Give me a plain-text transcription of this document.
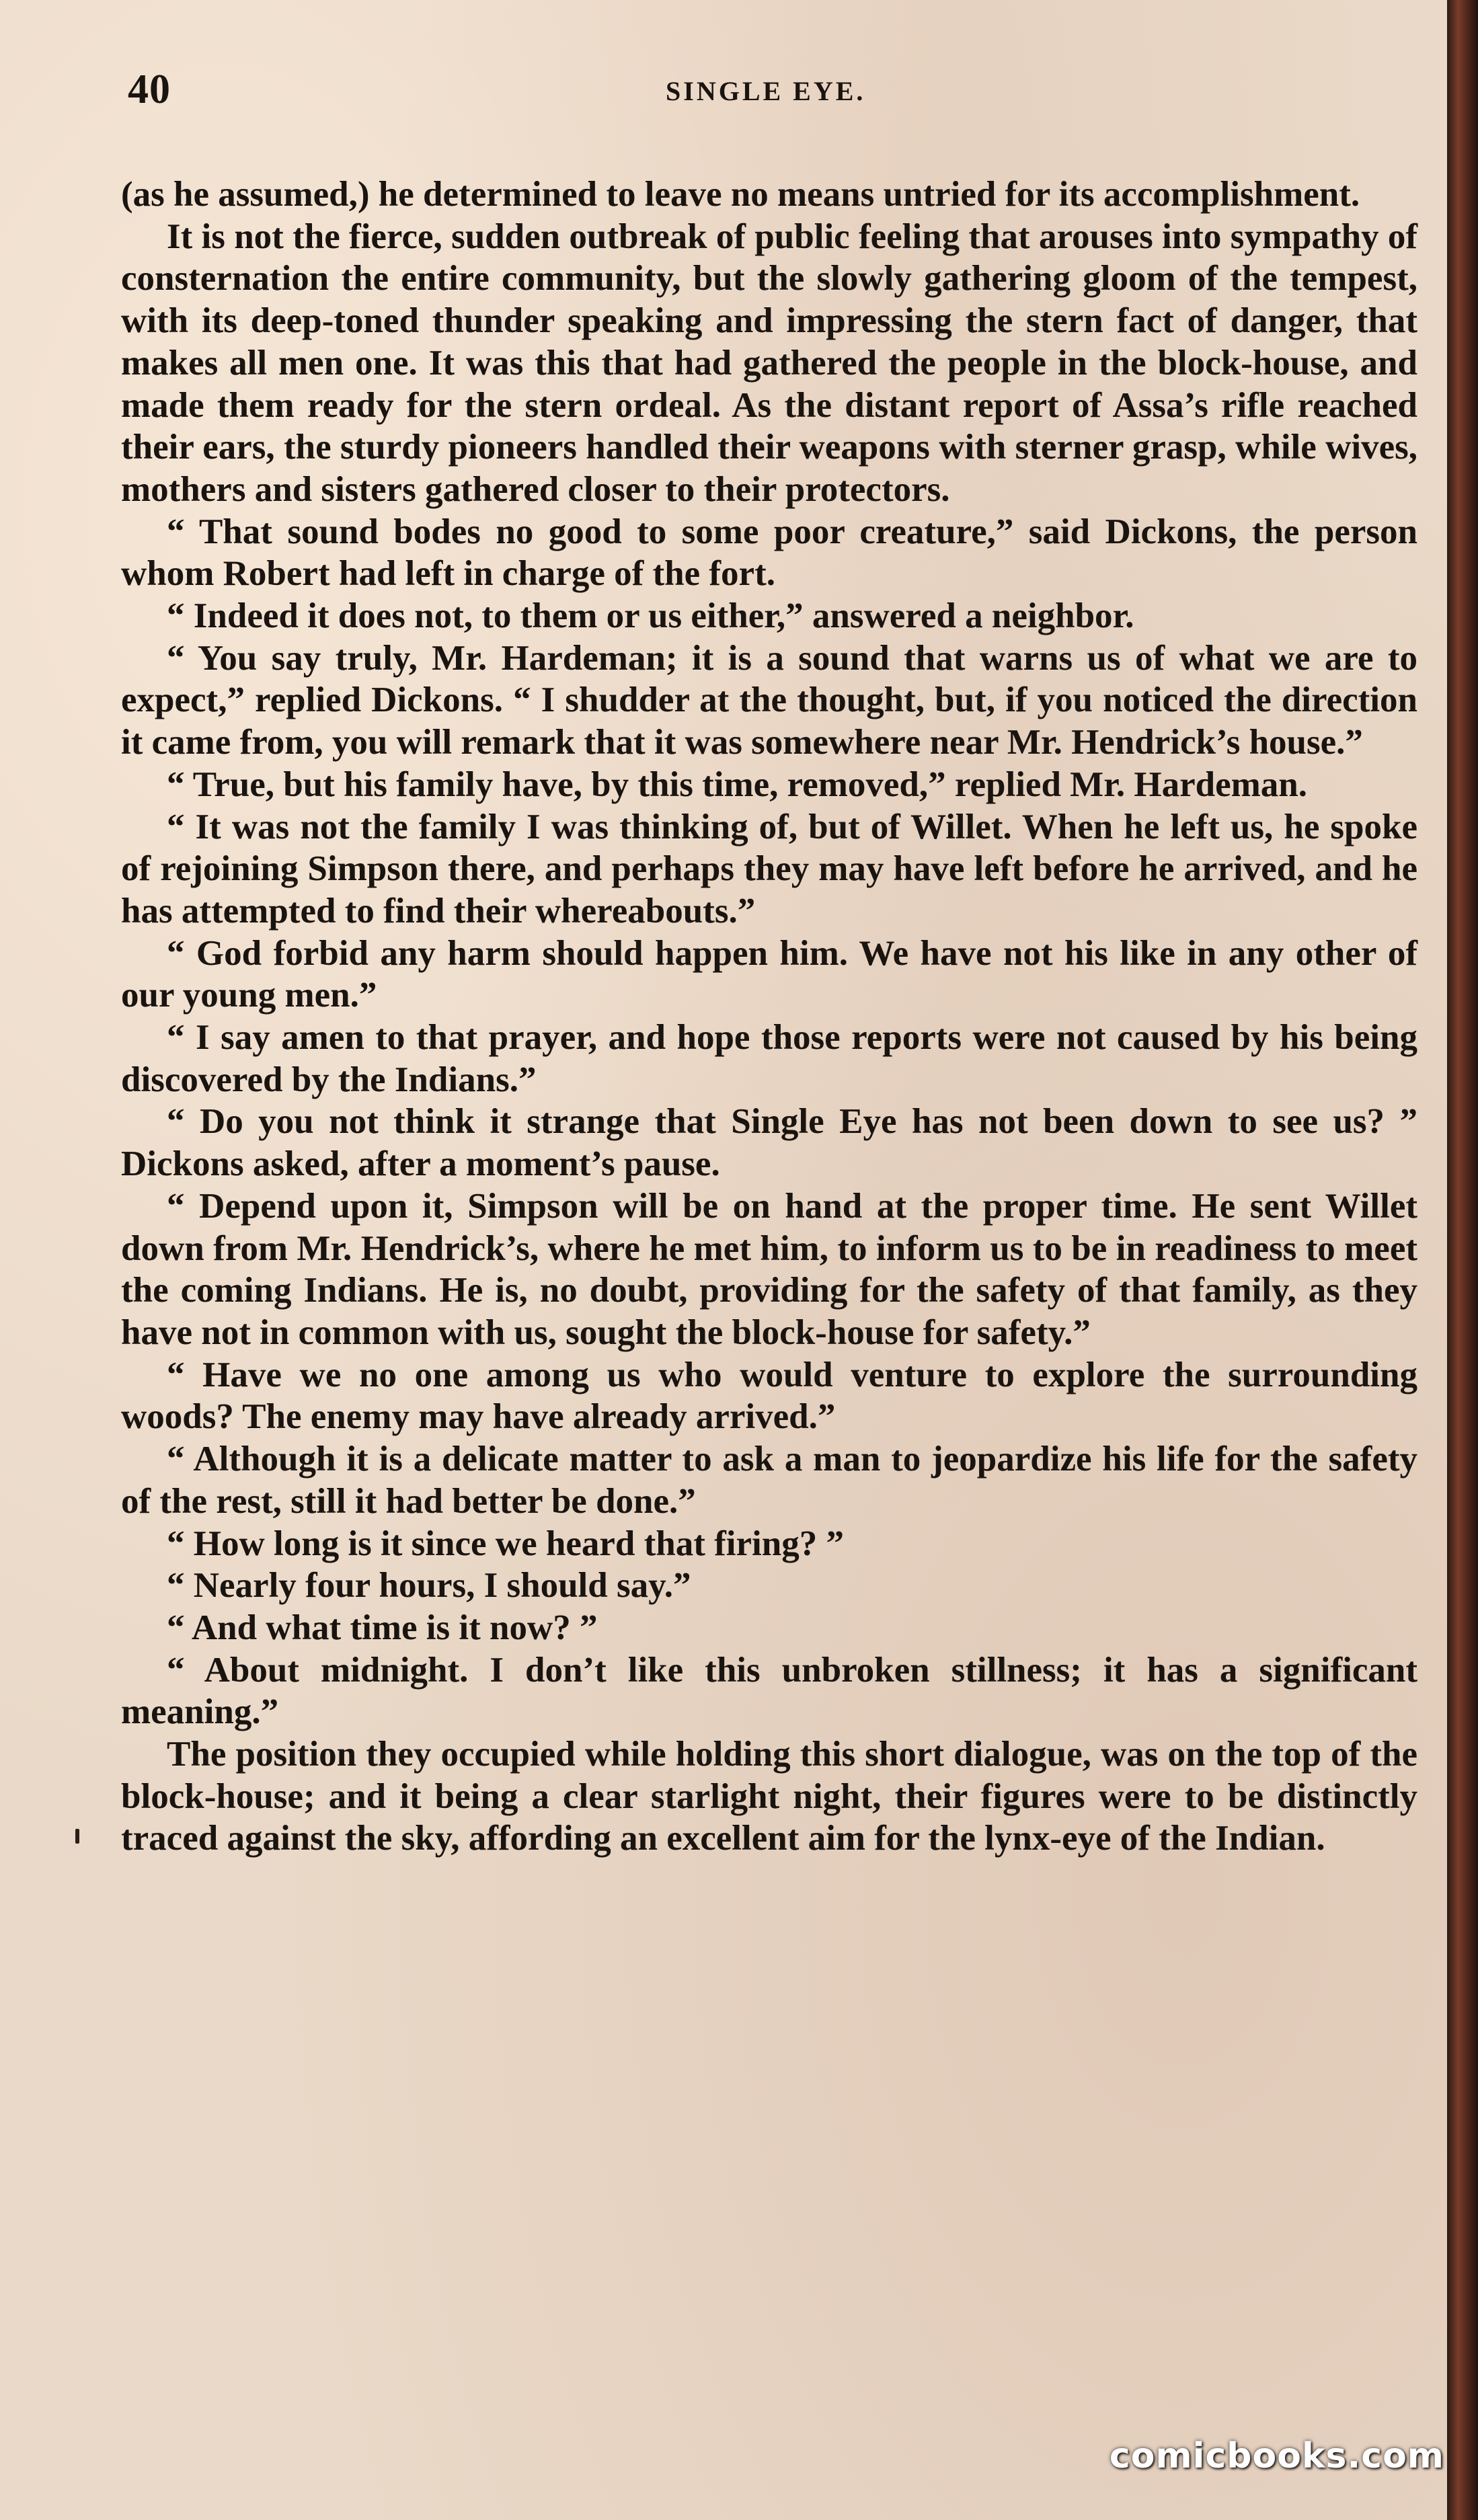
40	SINGLE EYE.

(as he assumed,) he determined to leave no means untried for its accomplishment.

It is not the fierce, sudden outbreak of public feeling that arouses into sympathy of consternation the entire community, but the slowly gathering gloom of the tempest, with its deep-toned thunder speaking and impressing the stern fact of danger, that makes all men one. It was this that had gathered the people in the block-house, and made them ready for the stern ordeal. As the distant report of Assa’s rifle reached their ears, the sturdy pioneers handled their weapons with sterner grasp, while wives, mothers and sisters gathered closer to their protectors.

“ That sound bodes no good to some poor creature,” said Dickons, the person whom Robert had left in charge of the fort.

“ Indeed it does not, to them or us either,” answered a neighbor.

“ You say truly, Mr. Hardeman; it is a sound that warns us of what we are to expect,” replied Dickons. “ I shudder at the thought, but, if you noticed the direction it came from, you will remark that it was somewhere near Mr. Hendrick’s house.”

“ True, but his family have, by this time, removed,” replied Mr. Hardeman.

“ It was not the family I was thinking of, but of Willet. When he left us, he spoke of rejoining Simpson there, and perhaps they may have left before he arrived, and he has attempted to find their whereabouts.”

“ God forbid any harm should happen him. We have not his like in any other of our young men.”

“ I say amen to that prayer, and hope those reports were not caused by his being discovered by the Indians.”

“ Do you not think it strange that Single Eye has not been down to see us? ” Dickons asked, after a moment’s pause.

“ Depend upon it, Simpson will be on hand at the proper time. He sent Willet down from Mr. Hendrick’s, where he met him, to inform us to be in readiness to meet the coming Indians. He is, no doubt, providing for the safety of that family, as they have not in common with us, sought the block-house for safety.”

“ Have we no one among us who would venture to explore the surrounding woods? The enemy may have already arrived.”

“ Although it is a delicate matter to ask a man to jeopardize his life for the safety of the rest, still it had better be done.”

“ How long is it since we heard that firing? ”

“ Nearly four hours, I should say.”

“ And what time is it now? ”

“ About midnight. I don’t like this unbroken stillness; it has a significant meaning.”

The position they occupied while holding this short dialogue, was on the top of the block-house; and it being a clear starlight night, their figures were to be distinctly traced against the sky, affording an excellent aim for the lynx-eye of the Indian.

comicbooks.com
